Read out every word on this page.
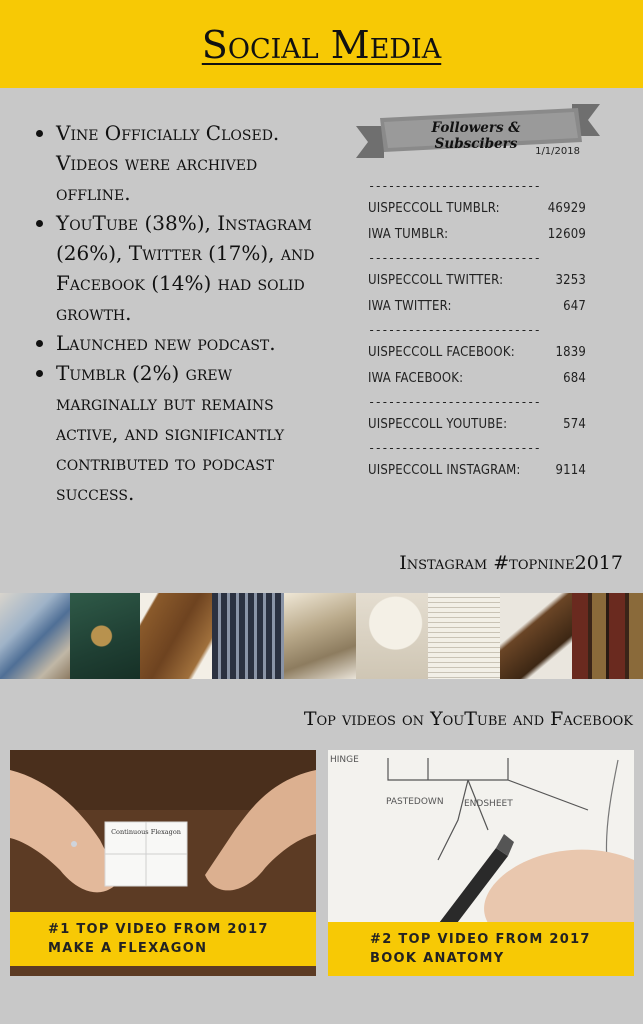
Social Media
Vine Officially Closed. Videos were archived offline.
YouTube (38%), Instagram (26%), Twitter (17%), and Facebook (14%) had solid growth.
Launched new podcast.
Tumblr (2%) grew marginally but remains active, and significantly contributed to podcast success.
Followers & Subscibers	1/1/2018
--------------------------
UISPECCOLL TUMBLR:	46929
IWA TUMBLR:	12609
--------------------------
UISPECCOLL TWITTER:	3253
IWA TWITTER:	647
--------------------------
UISPECCOLL FACEBOOK:	1839
IWA FACEBOOK:	684
--------------------------
UISPECCOLL YOUTUBE:	574
--------------------------
UISPECCOLL INSTAGRAM:	9114
Instagram #topnine2017
Top videos on YouTube and Facebook
Continuous Flexagon
#1 TOP VIDEO FROM 2017
MAKE A FLEXAGON
HINGE
PASTEDOWN ENDSHEET
#2 TOP VIDEO FROM 2017
BOOK ANATOMY
